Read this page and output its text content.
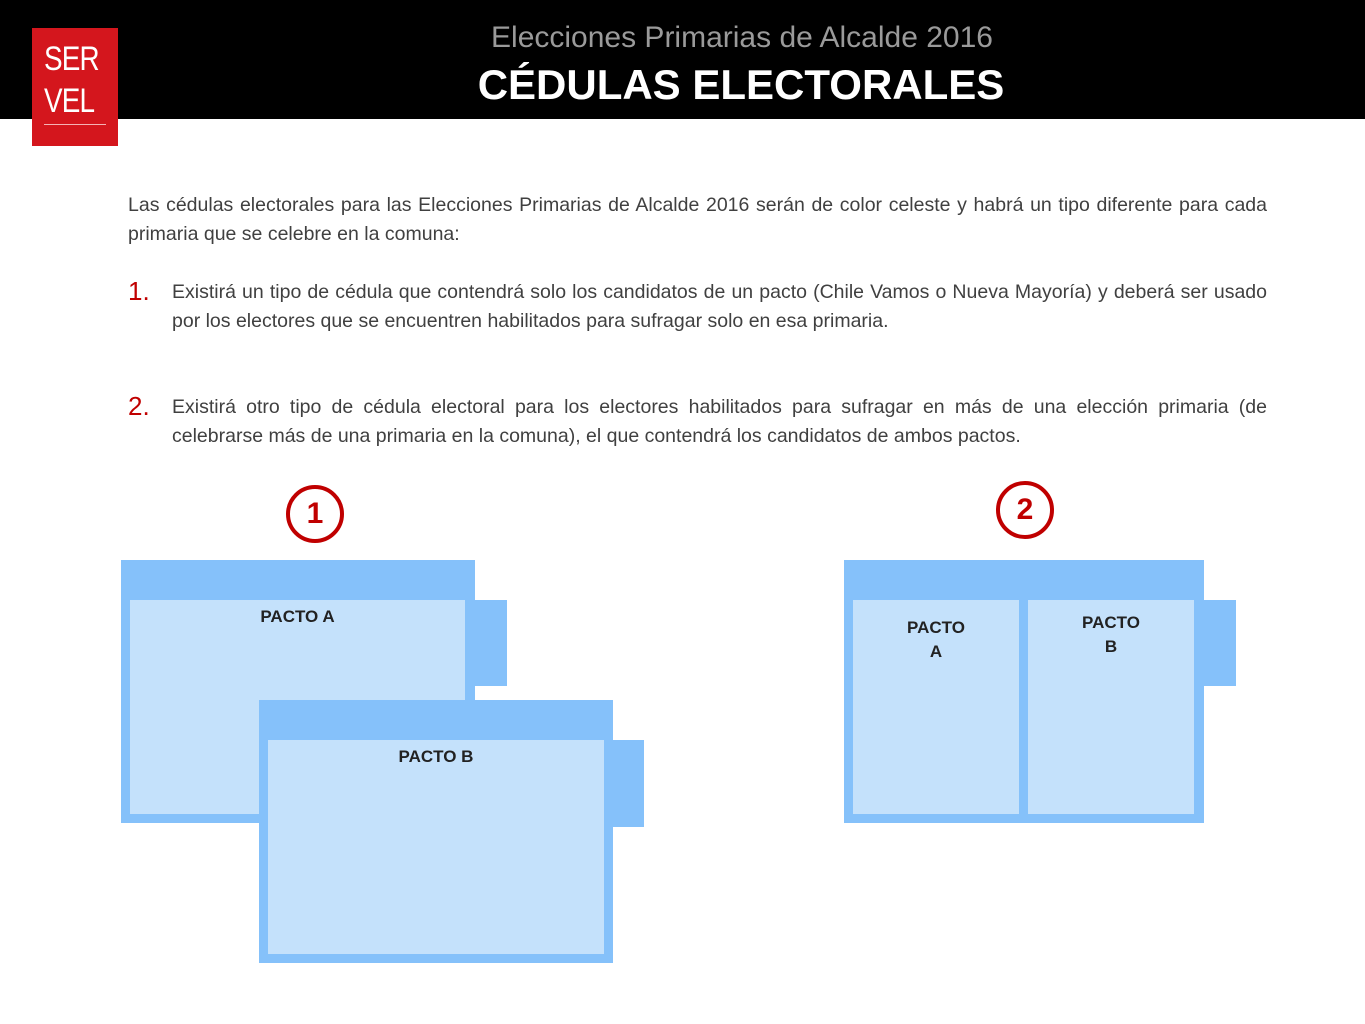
Elecciones Primarias de Alcalde 2016
CÉDULAS ELECTORALES
SER
VEL
Las cédulas electorales para las Elecciones Primarias de Alcalde 2016 serán de color celeste y habrá un tipo diferente para cada primaria que se celebre en la comuna:
1. Existirá un tipo de cédula que contendrá solo los candidatos de un pacto (Chile Vamos o Nueva Mayoría) y deberá ser usado por los electores que se encuentren habilitados para sufragar solo en esa primaria.
2. Existirá otro tipo de cédula electoral para los electores habilitados para sufragar en más de una elección primaria (de celebrarse más de una primaria en la comuna), el que contendrá los candidatos de ambos pactos.
1	2
PACTO A
PACTO B
PACTO
A
PACTO
B
